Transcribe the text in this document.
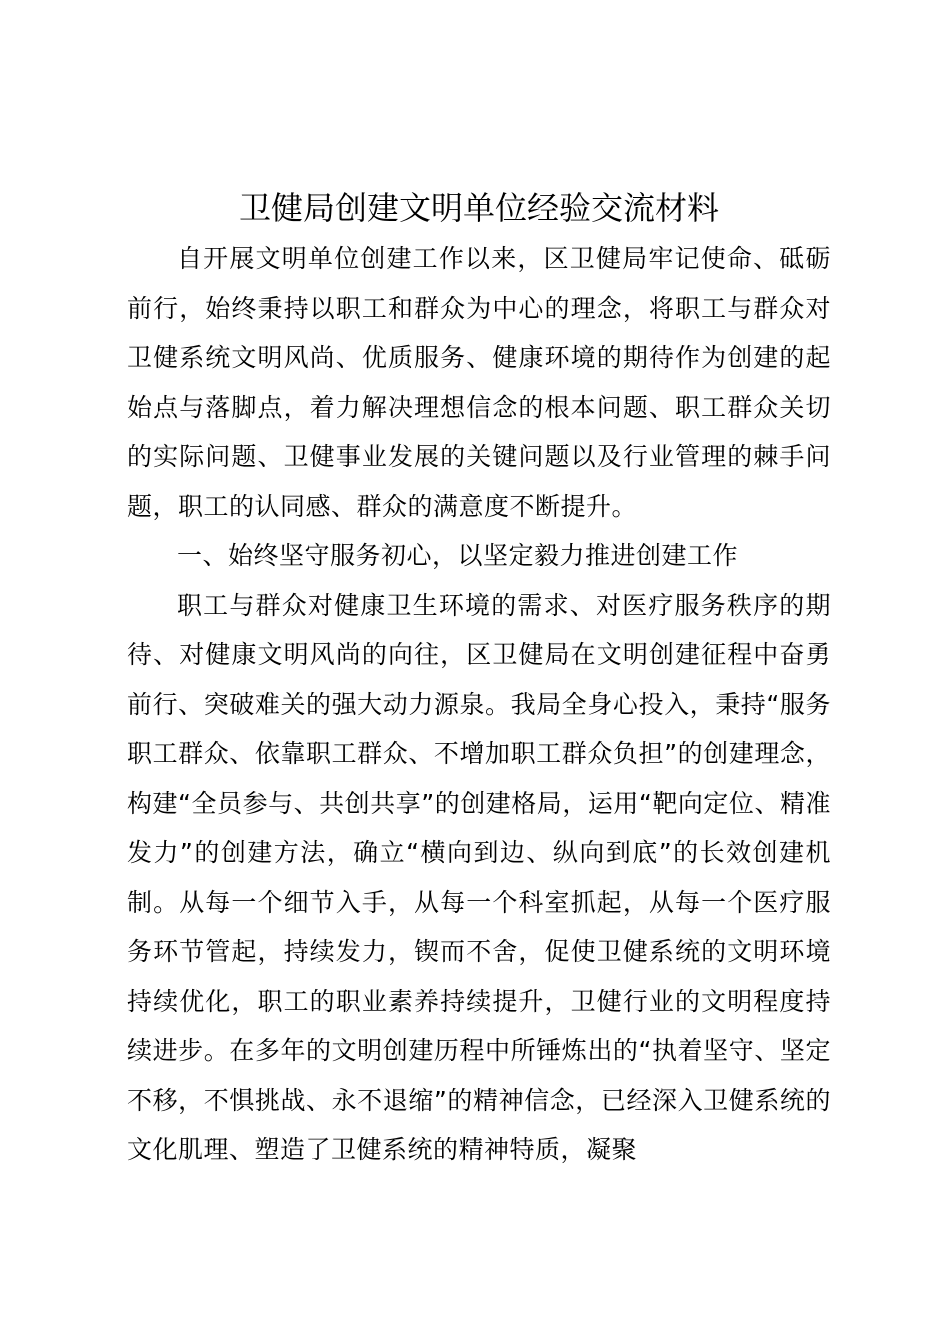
卫健局创建文明单位经验交流材料

自开展文明单位创建工作以来，区卫健局牢记使命、砥砺前行，始终秉持以职工和群众为中心的理念，将职工与群众对卫健系统文明风尚、优质服务、健康环境的期待作为创建的起始点与落脚点，着力解决理想信念的根本问题、职工群众关切的实际问题、卫健事业发展的关键问题以及行业管理的棘手问题，职工的认同感、群众的满意度不断提升。

一、始终坚守服务初心，以坚定毅力推进创建工作

职工与群众对健康卫生环境的需求、对医疗服务秩序的期待、对健康文明风尚的向往，区卫健局在文明创建征程中奋勇前行、突破难关的强大动力源泉。我局全身心投入，秉持“服务职工群众、依靠职工群众、不增加职工群众负担”的创建理念，构建“全员参与、共创共享”的创建格局，运用“靶向定位、精准发力”的创建方法，确立“横向到边、纵向到底”的长效创建机制。从每一个细节入手，从每一个科室抓起，从每一个医疗服务环节管起，持续发力，锲而不舍，促使卫健系统的文明环境持续优化，职工的职业素养持续提升，卫健行业的文明程度持续进步。在多年的文明创建历程中所锤炼出的“执着坚守、坚定不移，不惧挑战、永不退缩”的精神信念，已经深入卫健系统的文化肌理、塑造了卫健系统的精神特质，凝聚
